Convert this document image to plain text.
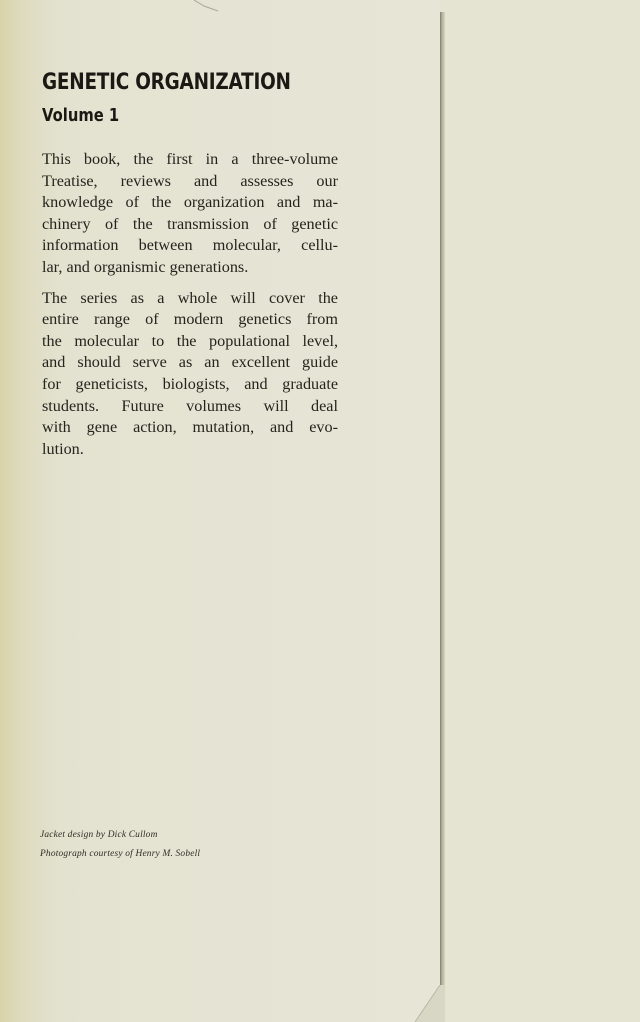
GENETIC ORGANIZATION
Volume 1

This book, the first in a three-volume
Treatise, reviews and assesses our
knowledge of the organization and ma-
chinery of the transmission of genetic
information between molecular, cellu-
lar, and organismic generations.

The series as a whole will cover the
entire range of modern genetics from
the molecular to the populational level,
and should serve as an excellent guide
for geneticists, biologists, and graduate
students. Future volumes will deal
with gene action, mutation, and evo-
lution.

Jacket design by Dick Cullom
Photograph courtesy of Henry M. Sobell
